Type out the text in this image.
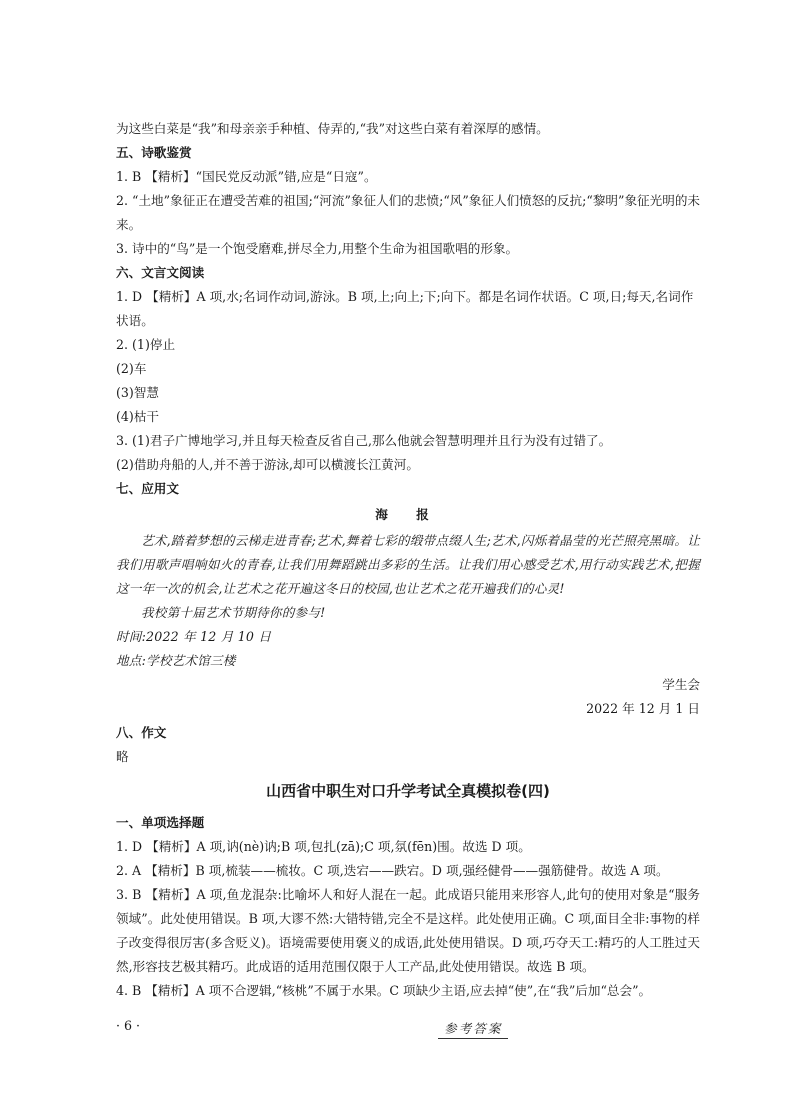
为这些白菜是“我”和母亲亲手种植、侍弄的,“我”对这些白菜有着深厚的感情。

五、诗歌鉴赏

1. B 【精析】“国民党反动派”错,应是“日寇”。

2. “土地”象征正在遭受苦难的祖国;“河流”象征人们的悲愤;“风”象征人们愤怒的反抗;“黎明”象征光明的未来。

3. 诗中的“鸟”是一个饱受磨难,拼尽全力,用整个生命为祖国歌唱的形象。

六、文言文阅读

1. D 【精析】A 项,水;名词作动词,游泳。B 项,上;向上;下;向下。都是名词作状语。C 项,日;每天,名词作状语。

2. (1)停止

(2)车

(3)智慧

(4)枯干

3. (1)君子广博地学习,并且每天检查反省自己,那么他就会智慧明理并且行为没有过错了。

(2)借助舟船的人,并不善于游泳,却可以横渡长江黄河。

七、应用文

海 报

艺术,踏着梦想的云梯走进青春;艺术,舞着七彩的缎带点缀人生;艺术,闪烁着晶莹的光芒照亮黑暗。让我们用歌声唱响如火的青春,让我们用舞蹈跳出多彩的生活。让我们用心感受艺术,用行动实践艺术,把握这一年一次的机会,让艺术之花开遍这冬日的校园,也让艺术之花开遍我们的心灵!

我校第十届艺术节期待你的参与!

时间:2022 年 12 月 10 日

地点:学校艺术馆三楼

学生会

2022 年 12 月 1 日

八、作文

略

山西省中职生对口升学考试全真模拟卷(四)

一、单项选择题

1. D 【精析】A 项,讷(nè)讷;B 项,包扎(zā);C 项,氛(fēn)围。故选 D 项。

2. A 【精析】B 项,梳装——梳妆。C 项,迭宕——跌宕。D 项,强经健骨——强筋健骨。故选 A 项。

3. B 【精析】A 项,鱼龙混杂:比喻坏人和好人混在一起。此成语只能用来形容人,此句的使用对象是“服务领域”。此处使用错误。B 项,大谬不然:大错特错,完全不是这样。此处使用正确。C 项,面目全非:事物的样子改变得很厉害(多含贬义)。语境需要使用褒义的成语,此处使用错误。D 项,巧夺天工:精巧的人工胜过天然,形容技艺极其精巧。此成语的适用范围仅限于人工产品,此处使用错误。故选 B 项。

4. B 【精析】A 项不合逻辑,“核桃”不属于水果。C 项缺少主语,应去掉“使”,在“我”后加“总会”。

· 6 ·	参考答案
